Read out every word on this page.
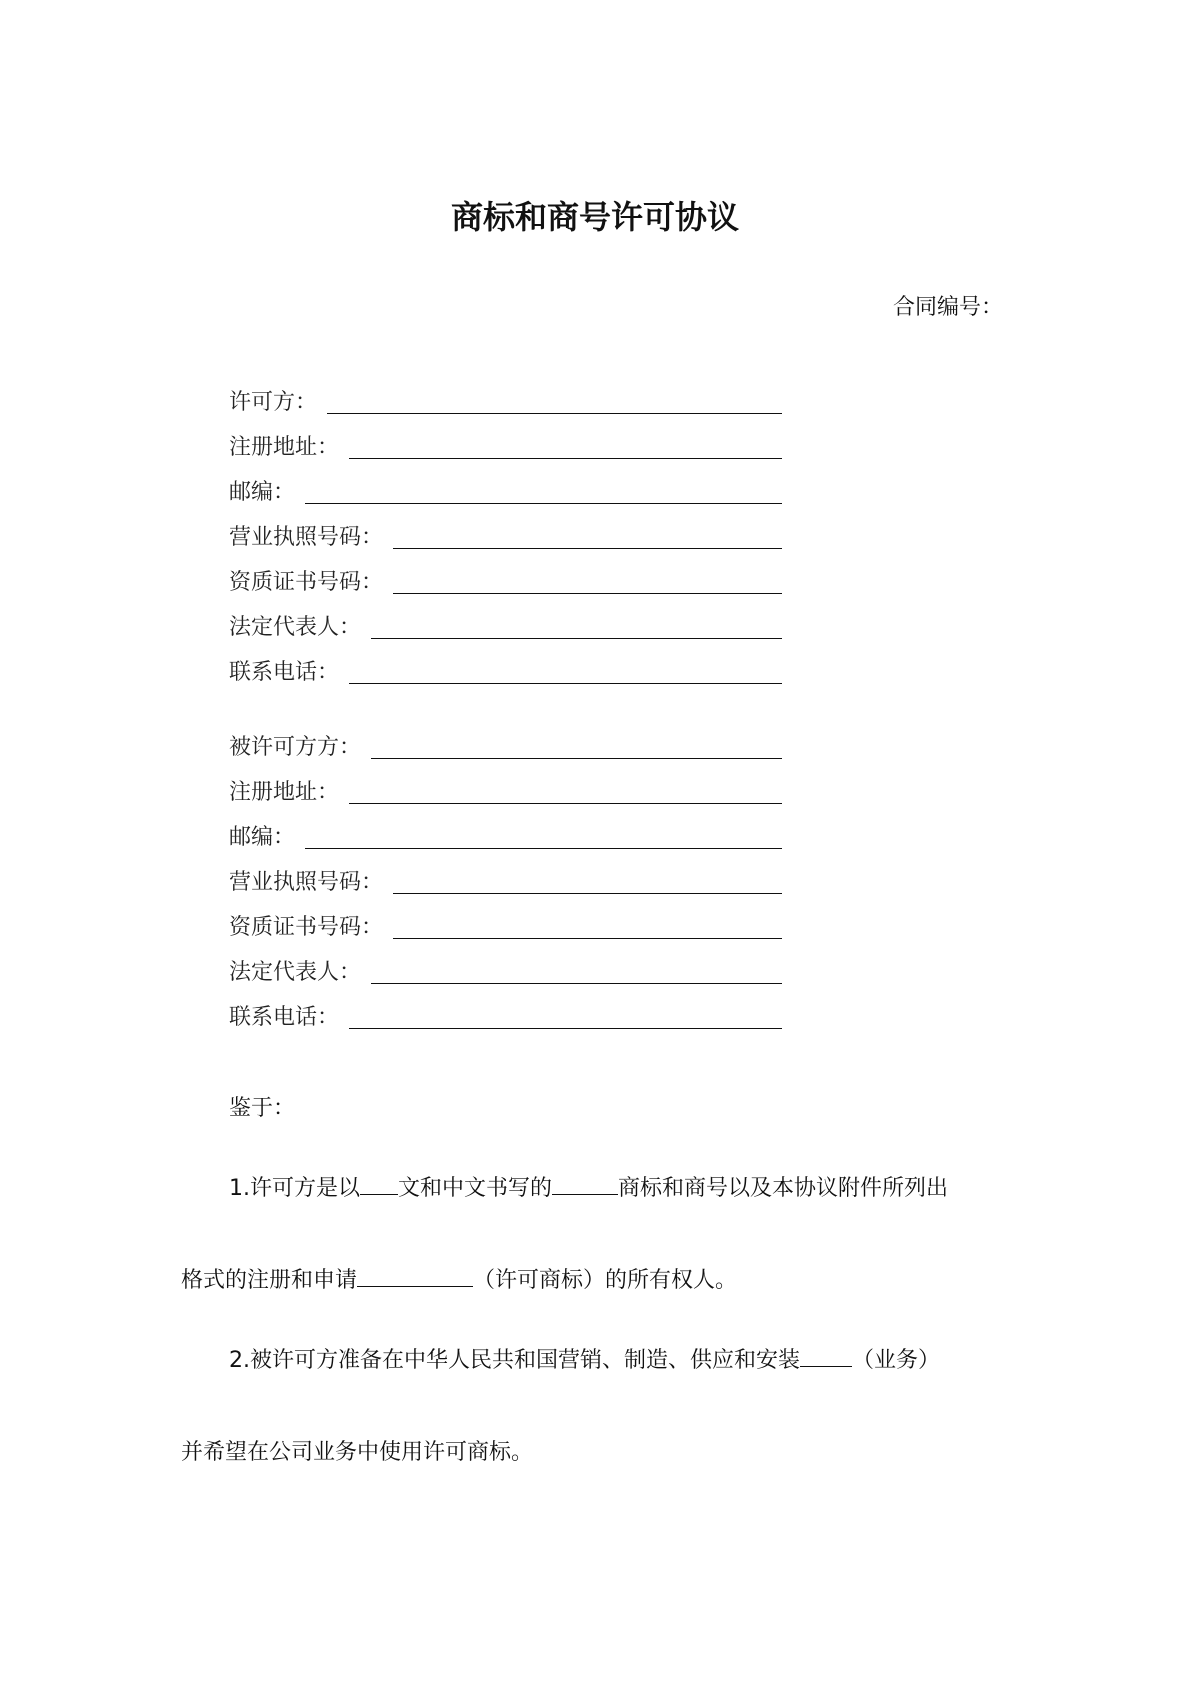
商标和商号许可协议
合同编号：
许可方：
注册地址：
邮编：
营业执照号码：
资质证书号码：
法定代表人：
联系电话：
被许可方方：
注册地址：
邮编：
营业执照号码：
资质证书号码：
法定代表人：
联系电话：
鉴于：
1.许可方是以 文和中文书写的	商标和商号以及本协议附件所列出
格式的注册和申请	（许可商标）的所有权人。
2.被许可方准备在中华人民共和国营销、制造、供应和安装 （业务）
并希望在公司业务中使用许可商标。
